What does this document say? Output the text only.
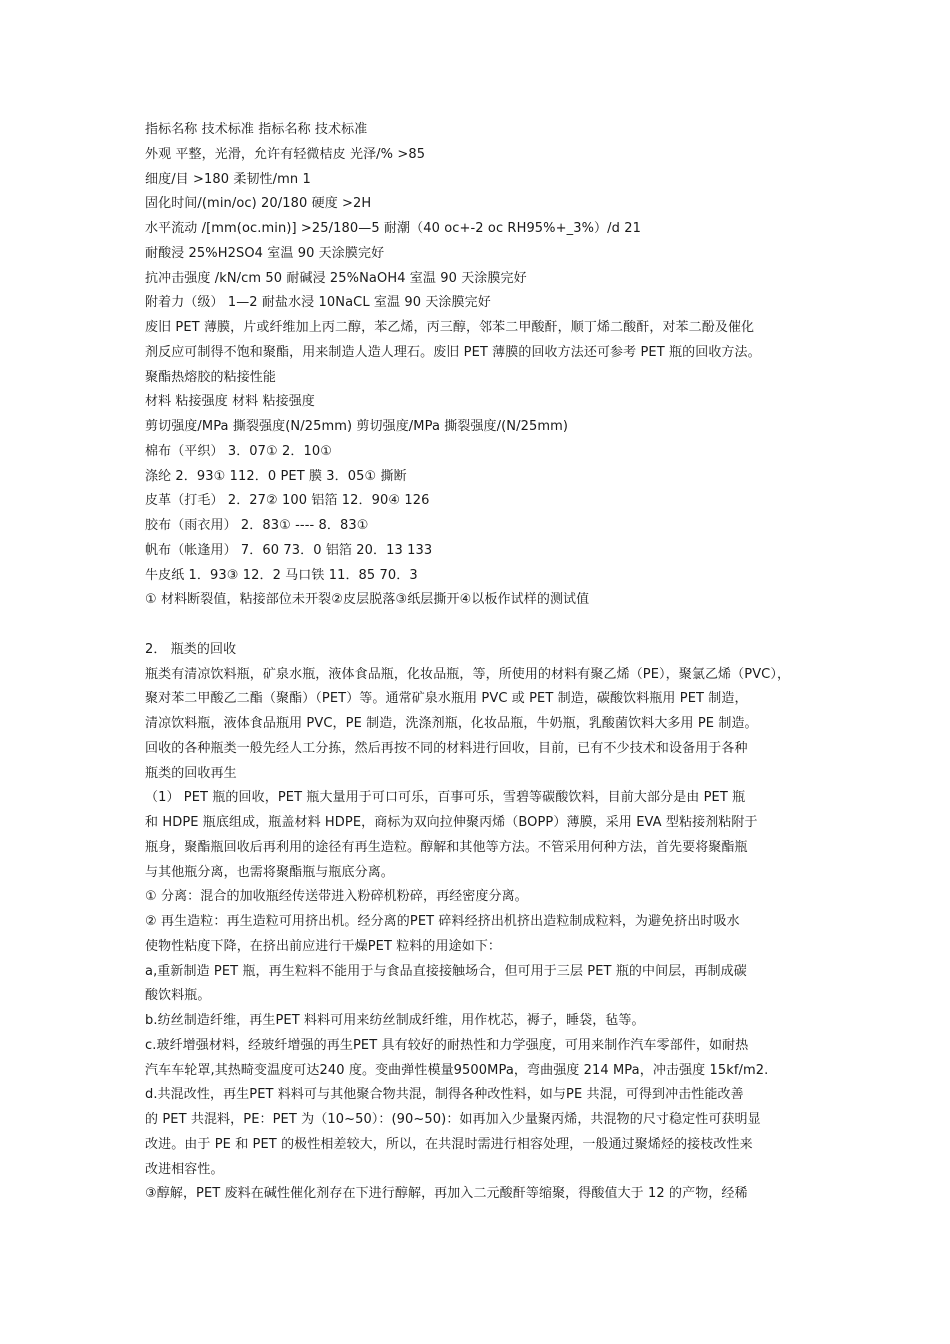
指标名称 技术标准 指标名称 技术标准
外观 平整，光滑，允许有轻微桔皮 光泽/% >85
细度/目 >180 柔韧性/mn 1
固化时间/(min/oc) 20/180 硬度 >2H
水平流动 /[mm(oc.min)] >25/180—5 耐潮（40 oc+-2 oc RH95%+_3%）/d 21
耐酸浸 25%H2SO4 室温 90 天涂膜完好
抗冲击强度 /kN/cm 50 耐碱浸 25%NaOH4 室温 90 天涂膜完好
附着力（级） 1—2 耐盐水浸 10NaCL 室温 90 天涂膜完好
废旧 PET 薄膜，片或纤维加上丙二醇，苯乙烯，丙三醇，邻苯二甲酸酐，顺丁烯二酸酐，对苯二酚及催化
剂反应可制得不饱和聚酯，用来制造人造人理石。废旧 PET 薄膜的回收方法还可参考 PET 瓶的回收方法。
聚酯热熔胶的粘接性能
材料 粘接强度 材料 粘接强度
剪切强度/MPa 撕裂强度(N/25mm) 剪切强度/MPa 撕裂强度/(N/25mm)
棉布（平织） 3．07① 2．10①
涤纶 2．93① 112．0 PET 膜 3．05① 撕断
皮革（打毛） 2．27② 100 铝箔 12．90④ 126
胶布（雨衣用） 2．83① ---- 8．83①
帆布（帐逢用） 7．60 73．0 铝箔 20．13 133
牛皮纸 1．93③ 12．2 马口铁 11．85 70．3
① 材料断裂值，粘接部位未开裂②皮层脱落③纸层撕开④以板作试样的测试值
2． 瓶类的回收
瓶类有清凉饮料瓶，矿泉水瓶，液体食品瓶，化妆品瓶，等，所使用的材料有聚乙烯（PE），聚氯乙烯（PVC），
聚对苯二甲酸乙二酯（聚酯）（PET）等。通常矿泉水瓶用 PVC 或 PET 制造，碳酸饮料瓶用 PET 制造，
清凉饮料瓶，液体食品瓶用 PVC，PE 制造，洗涤剂瓶，化妆品瓶，牛奶瓶，乳酸菌饮料大多用 PE 制造。
回收的各种瓶类一般先经人工分拣，然后再按不同的材料进行回收，目前，已有不少技术和设备用于各种
瓶类的回收再生
（1） PET 瓶的回收，PET 瓶大量用于可口可乐，百事可乐，雪碧等碳酸饮料，目前大部分是由 PET 瓶
和 HDPE 瓶底组成，瓶盖材料 HDPE，商标为双向拉伸聚丙烯（BOPP）薄膜，采用 EVA 型粘接剂粘附于
瓶身，聚酯瓶回收后再利用的途径有再生造粒。醇解和其他等方法。不管采用何种方法，首先要将聚酯瓶
与其他瓶分离，也需将聚酯瓶与瓶底分离。
① 分离：混合的加收瓶经传送带进入粉碎机粉碎，再经密度分离。
② 再生造粒：再生造粒可用挤出机。经分离的PET 碎料经挤出机挤出造粒制成粒料，为避免挤出时吸水
使物性粘度下降，在挤出前应进行干燥PET 粒料的用途如下：
a,重新制造 PET 瓶，再生粒料不能用于与食品直接接触场合，但可用于三层 PET 瓶的中间层，再制成碳
酸饮料瓶。
b.纺丝制造纤维，再生PET 料料可用来纺丝制成纤维，用作枕芯，褥子，睡袋，毡等。
c.玻纤增强材料，经玻纤增强的再生PET 具有较好的耐热性和力学强度，可用来制作汽车零部件，如耐热
汽车车轮罩,其热畸变温度可达240 度。变曲弹性模量9500MPa，弯曲强度 214 MPa，冲击强度 15kf/m2.
d.共混改性，再生PET 料料可与其他聚合物共混，制得各种改性料，如与PE 共混，可得到冲击性能改善
的 PET 共混料，PE：PET 为（10~50）：(90~50)：如再加入少量聚丙烯，共混物的尺寸稳定性可获明显
改进。由于 PE 和 PET 的极性相差较大，所以，在共混时需进行相容处理，一般通过聚烯烃的接枝改性来
改进相容性。
③醇解，PET 废料在碱性催化剂存在下进行醇解，再加入二元酸酐等缩聚，得酸值大于 12 的产物，经稀
